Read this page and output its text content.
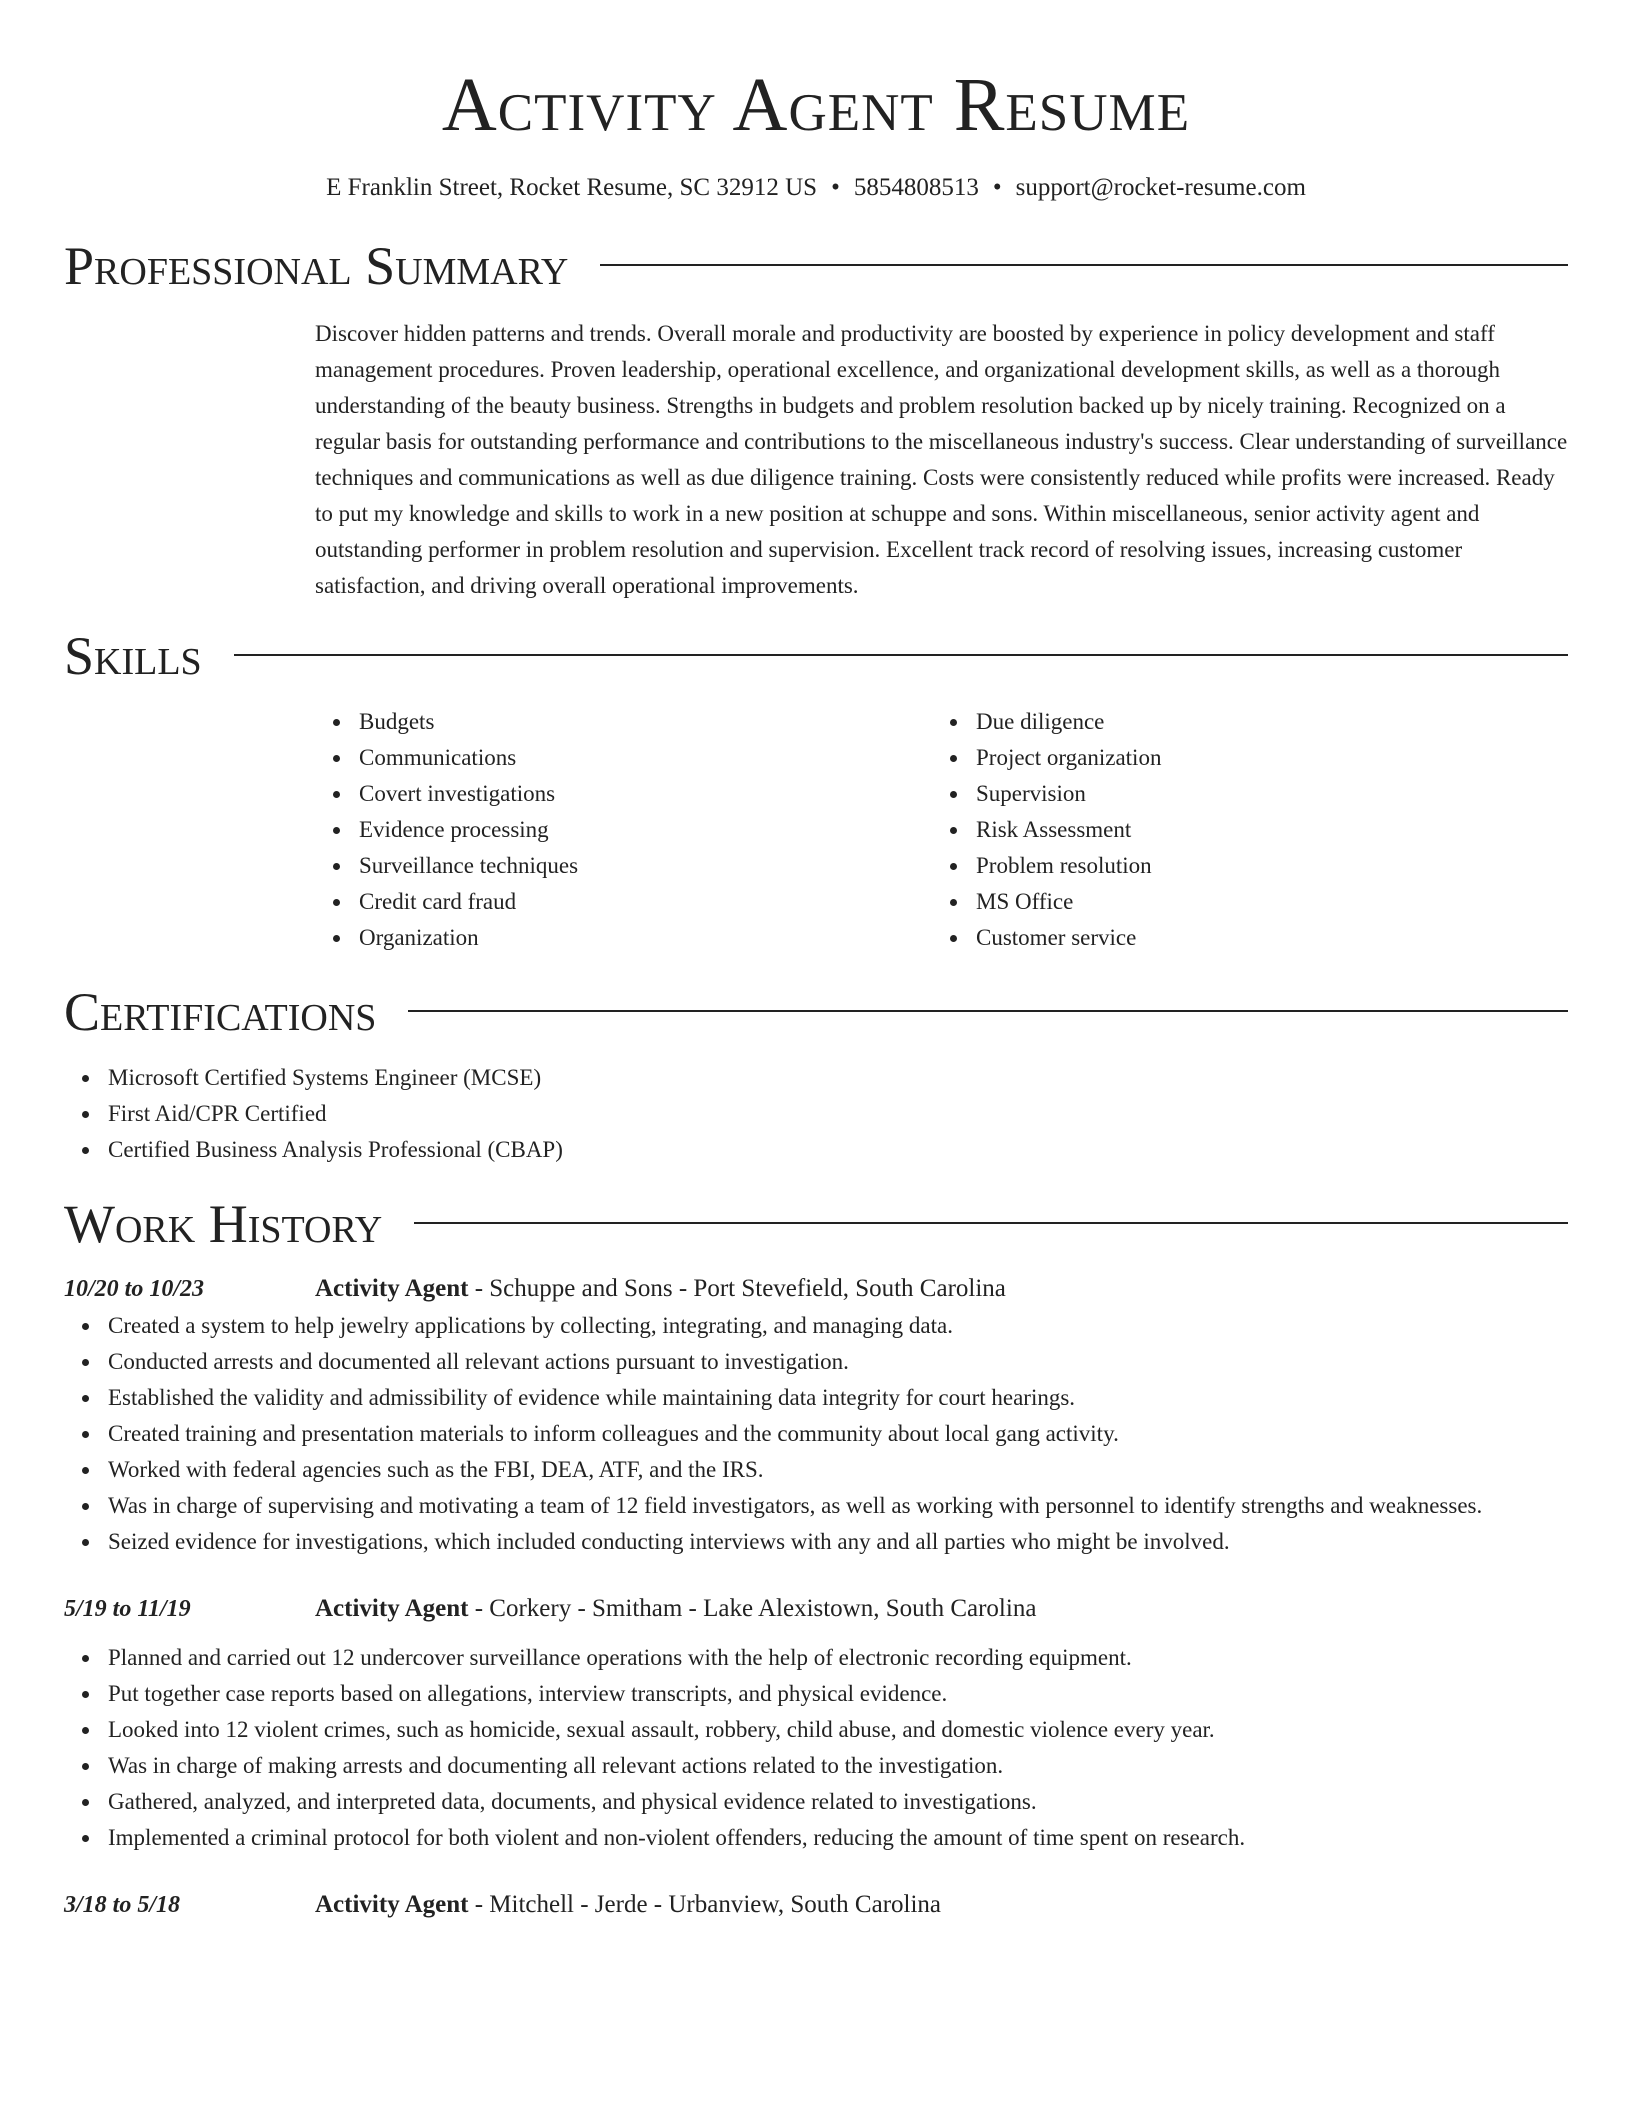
Activity Agent Resume
E Franklin Street, Rocket Resume, SC 32912 US • 5854808513 • support@rocket-resume.com
Professional Summary

Discover hidden patterns and trends. Overall morale and productivity are boosted by experience in policy development and staff management procedures. Proven leadership, operational excellence, and organizational development skills, as well as a thorough understanding of the beauty business. Strengths in budgets and problem resolution backed up by nicely training. Recognized on a regular basis for outstanding performance and contributions to the miscellaneous industry's success. Clear understanding of surveillance techniques and communications as well as due diligence training. Costs were consistently reduced while profits were increased. Ready to put my knowledge and skills to work in a new position at schuppe and sons. Within miscellaneous, senior activity agent and outstanding performer in problem resolution and supervision. Excellent track record of resolving issues, increasing customer satisfaction, and driving overall operational improvements.

Skills
Budgets
Communications
Covert investigations
Evidence processing
Surveillance techniques
Credit card fraud
Organization
Due diligence
Project organization
Supervision
Risk Assessment
Problem resolution
MS Office
Customer service
Certifications
Microsoft Certified Systems Engineer (MCSE)
First Aid/CPR Certified
Certified Business Analysis Professional (CBAP)
Work History
10/20 to 10/23	Activity Agent - Schuppe and Sons - Port Stevefield, South Carolina
Created a system to help jewelry applications by collecting, integrating, and managing data.
Conducted arrests and documented all relevant actions pursuant to investigation.
Established the validity and admissibility of evidence while maintaining data integrity for court hearings.
Created training and presentation materials to inform colleagues and the community about local gang activity.
Worked with federal agencies such as the FBI, DEA, ATF, and the IRS.
Was in charge of supervising and motivating a team of 12 field investigators, as well as working with personnel to identify strengths and weaknesses.
Seized evidence for investigations, which included conducting interviews with any and all parties who might be involved.
5/19 to 11/19	Activity Agent - Corkery - Smitham - Lake Alexistown, South Carolina
Planned and carried out 12 undercover surveillance operations with the help of electronic recording equipment.
Put together case reports based on allegations, interview transcripts, and physical evidence.
Looked into 12 violent crimes, such as homicide, sexual assault, robbery, child abuse, and domestic violence every year.
Was in charge of making arrests and documenting all relevant actions related to the investigation.
Gathered, analyzed, and interpreted data, documents, and physical evidence related to investigations.
Implemented a criminal protocol for both violent and non-violent offenders, reducing the amount of time spent on research.
3/18 to 5/18	Activity Agent - Mitchell - Jerde - Urbanview, South Carolina
